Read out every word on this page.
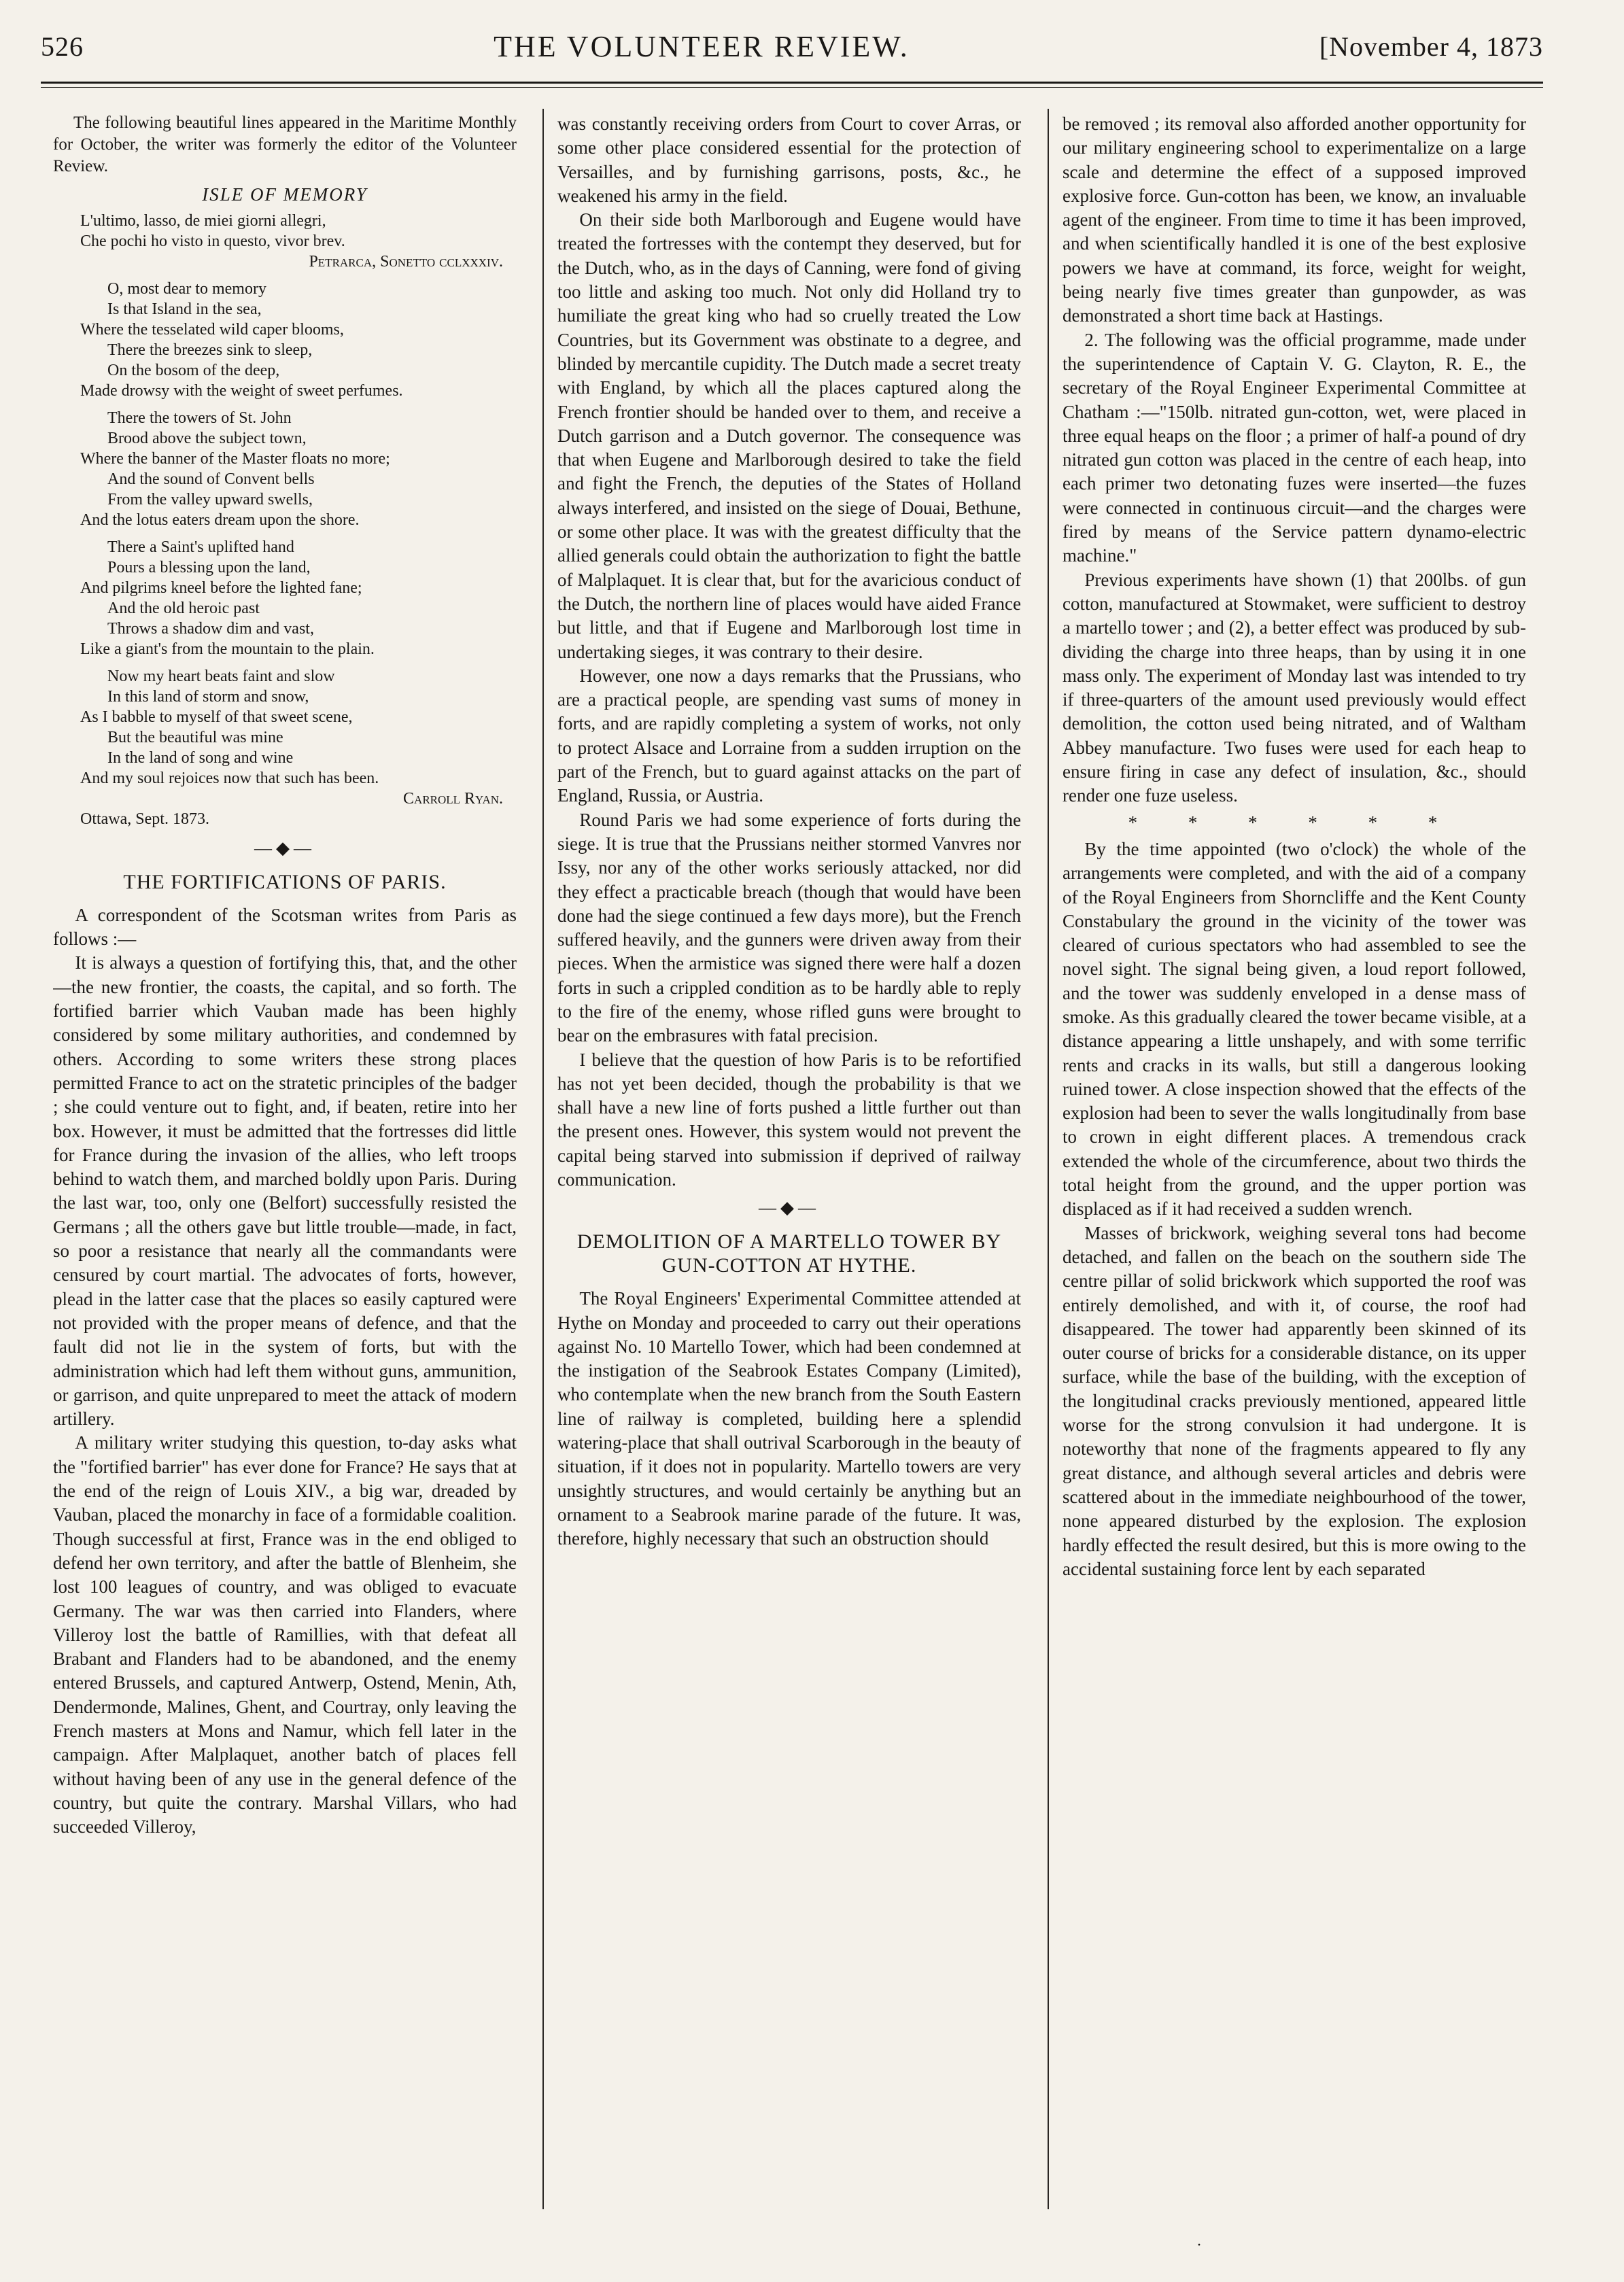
526	THE VOLUNTEER REVIEW.	[November 4, 1873

The following beautiful lines appeared in the Maritime Monthly for October, the writer was formerly the editor of the Volunteer Review.

ISLE OF MEMORY
L'ultimo, lasso, de miei giorni allegri,
Che pochi ho visto in questo, vivor brev.
Petrarca, Sonetto cclxxxiv.
O, most dear to memory
Is that Island in the sea,
Where the tesselated wild caper blooms,
There the breezes sink to sleep,
On the bosom of the deep,
Made drowsy with the weight of sweet perfumes.
There the towers of St. John
Brood above the subject town,
Where the banner of the Master floats no more;
And the sound of Convent bells
From the valley upward swells,
And the lotus eaters dream upon the shore.
There a Saint's uplifted hand
Pours a blessing upon the land,
And pilgrims kneel before the lighted fane;
And the old heroic past
Throws a shadow dim and vast,
Like a giant's from the mountain to the plain.
Now my heart beats faint and slow
In this land of storm and snow,
As I babble to myself of that sweet scene,
But the beautiful was mine
In the land of song and wine
And my soul rejoices now that such has been.
Carroll Ryan.
Ottawa, Sept. 1873.
—◆—
THE FORTIFICATIONS OF PARIS.

A correspondent of the Scotsman writes from Paris as follows :—

It is always a question of fortifying this, that, and the other—the new frontier, the coasts, the capital, and so forth. The fortified barrier which Vauban made has been highly considered by some military authorities, and condemned by others. According to some writers these strong places permitted France to act on the stratetic principles of the badger ; she could venture out to fight, and, if beaten, retire into her box. However, it must be admitted that the fortresses did little for France during the invasion of the allies, who left troops behind to watch them, and marched boldly upon Paris. During the last war, too, only one (Belfort) successfully resisted the Germans ; all the others gave but little trouble—made, in fact, so poor a resistance that nearly all the commandants were censured by court martial. The advocates of forts, however, plead in the latter case that the places so easily captured were not provided with the proper means of defence, and that the fault did not lie in the system of forts, but with the administration which had left them without guns, ammunition, or garrison, and quite unprepared to meet the attack of modern artillery.

A military writer studying this question, to-day asks what the "fortified barrier" has ever done for France? He says that at the end of the reign of Louis XIV., a big war, dreaded by Vauban, placed the monarchy in face of a formidable coalition. Though successful at first, France was in the end obliged to defend her own territory, and after the battle of Blenheim, she lost 100 leagues of country, and was obliged to evacuate Germany. The war was then carried into Flanders, where Villeroy lost the battle of Ramillies, with that defeat all Brabant and Flanders had to be abandoned, and the enemy entered Brussels, and captured Antwerp, Ostend, Menin, Ath, Dendermonde, Malines, Ghent, and Courtray, only leaving the French masters at Mons and Namur, which fell later in the campaign. After Malplaquet, another batch of places fell without having been of any use in the general defence of the country, but quite the contrary. Marshal Villars, who had succeeded Villeroy,

was constantly receiving orders from Court to cover Arras, or some other place considered essential for the protection of Versailles, and by furnishing garrisons, posts, &c., he weakened his army in the field.

On their side both Marlborough and Eugene would have treated the fortresses with the contempt they deserved, but for the Dutch, who, as in the days of Canning, were fond of giving too little and asking too much. Not only did Holland try to humiliate the great king who had so cruelly treated the Low Countries, but its Government was obstinate to a degree, and blinded by mercantile cupidity. The Dutch made a secret treaty with England, by which all the places captured along the French frontier should be handed over to them, and receive a Dutch garrison and a Dutch governor. The consequence was that when Eugene and Marlborough desired to take the field and fight the French, the deputies of the States of Holland always interfered, and insisted on the siege of Douai, Bethune, or some other place. It was with the greatest difficulty that the allied generals could obtain the authorization to fight the battle of Malplaquet. It is clear that, but for the avaricious conduct of the Dutch, the northern line of places would have aided France but little, and that if Eugene and Marlborough lost time in undertaking sieges, it was contrary to their desire.

However, one now a days remarks that the Prussians, who are a practical people, are spending vast sums of money in forts, and are rapidly completing a system of works, not only to protect Alsace and Lorraine from a sudden irruption on the part of the French, but to guard against attacks on the part of England, Russia, or Austria.

Round Paris we had some experience of forts during the siege. It is true that the Prussians neither stormed Vanvres nor Issy, nor any of the other works seriously attacked, nor did they effect a practicable breach (though that would have been done had the siege continued a few days more), but the French suffered heavily, and the gunners were driven away from their pieces. When the armistice was signed there were half a dozen forts in such a crippled condition as to be hardly able to reply to the fire of the enemy, whose rifled guns were brought to bear on the embrasures with fatal precision.

I believe that the question of how Paris is to be refortified has not yet been decided, though the probability is that we shall have a new line of forts pushed a little further out than the present ones. However, this system would not prevent the capital being starved into submission if deprived of railway communication.

—◆—
DEMOLITION OF A MARTELLO TOWER BY GUN-COTTON AT HYTHE.

The Royal Engineers' Experimental Committee attended at Hythe on Monday and proceeded to carry out their operations against No. 10 Martello Tower, which had been condemned at the instigation of the Seabrook Estates Company (Limited), who contemplate when the new branch from the South Eastern line of railway is completed, building here a splendid watering-place that shall outrival Scarborough in the beauty of situation, if it does not in popularity. Martello towers are very unsightly structures, and would certainly be anything but an ornament to a Seabrook marine parade of the future. It was, therefore, highly necessary that such an obstruction should

be removed ; its removal also afforded another opportunity for our military engineering school to experimentalize on a large scale and determine the effect of a supposed improved explosive force. Gun-cotton has been, we know, an invaluable agent of the engineer. From time to time it has been improved, and when scientifically handled it is one of the best explosive powers we have at command, its force, weight for weight, being nearly five times greater than gunpowder, as was demonstrated a short time back at Hastings.

2. The following was the official programme, made under the superintendence of Captain V. G. Clayton, R. E., the secretary of the Royal Engineer Experimental Committee at Chatham :—"150lb. nitrated gun-cotton, wet, were placed in three equal heaps on the floor ; a primer of half-a pound of dry nitrated gun cotton was placed in the centre of each heap, into each primer two detonating fuzes were inserted—the fuzes were connected in continuous circuit—and the charges were fired by means of the Service pattern dynamo-electric machine."

Previous experiments have shown (1) that 200lbs. of gun cotton, manufactured at Stowmaket, were sufficient to destroy a martello tower ; and (2), a better effect was produced by sub-dividing the charge into three heaps, than by using it in one mass only. The experiment of Monday last was intended to try if three-quarters of the amount used previously would effect demolition, the cotton used being nitrated, and of Waltham Abbey manufacture. Two fuses were used for each heap to ensure firing in case any defect of insulation, &c., should render one fuze useless.

* * * * * *

By the time appointed (two o'clock) the whole of the arrangements were completed, and with the aid of a company of the Royal Engineers from Shorncliffe and the Kent County Constabulary the ground in the vicinity of the tower was cleared of curious spectators who had assembled to see the novel sight. The signal being given, a loud report followed, and the tower was suddenly enveloped in a dense mass of smoke. As this gradually cleared the tower became visible, at a distance appearing a little unshapely, and with some terrific rents and cracks in its walls, but still a dangerous looking ruined tower. A close inspection showed that the effects of the explosion had been to sever the walls longitudinally from base to crown in eight different places. A tremendous crack extended the whole of the circumference, about two thirds the total height from the ground, and the upper portion was displaced as if it had received a sudden wrench.

Masses of brickwork, weighing several tons had become detached, and fallen on the beach on the southern side The centre pillar of solid brickwork which supported the roof was entirely demolished, and with it, of course, the roof had disappeared. The tower had apparently been skinned of its outer course of bricks for a considerable distance, on its upper surface, while the base of the building, with the exception of the longitudinal cracks previously mentioned, appeared little worse for the strong convulsion it had undergone. It is noteworthy that none of the fragments appeared to fly any great distance, and although several articles and debris were scattered about in the immediate neighbourhood of the tower, none appeared disturbed by the explosion. The explosion hardly effected the result desired, but this is more owing to the accidental sustaining force lent by each separated

·
